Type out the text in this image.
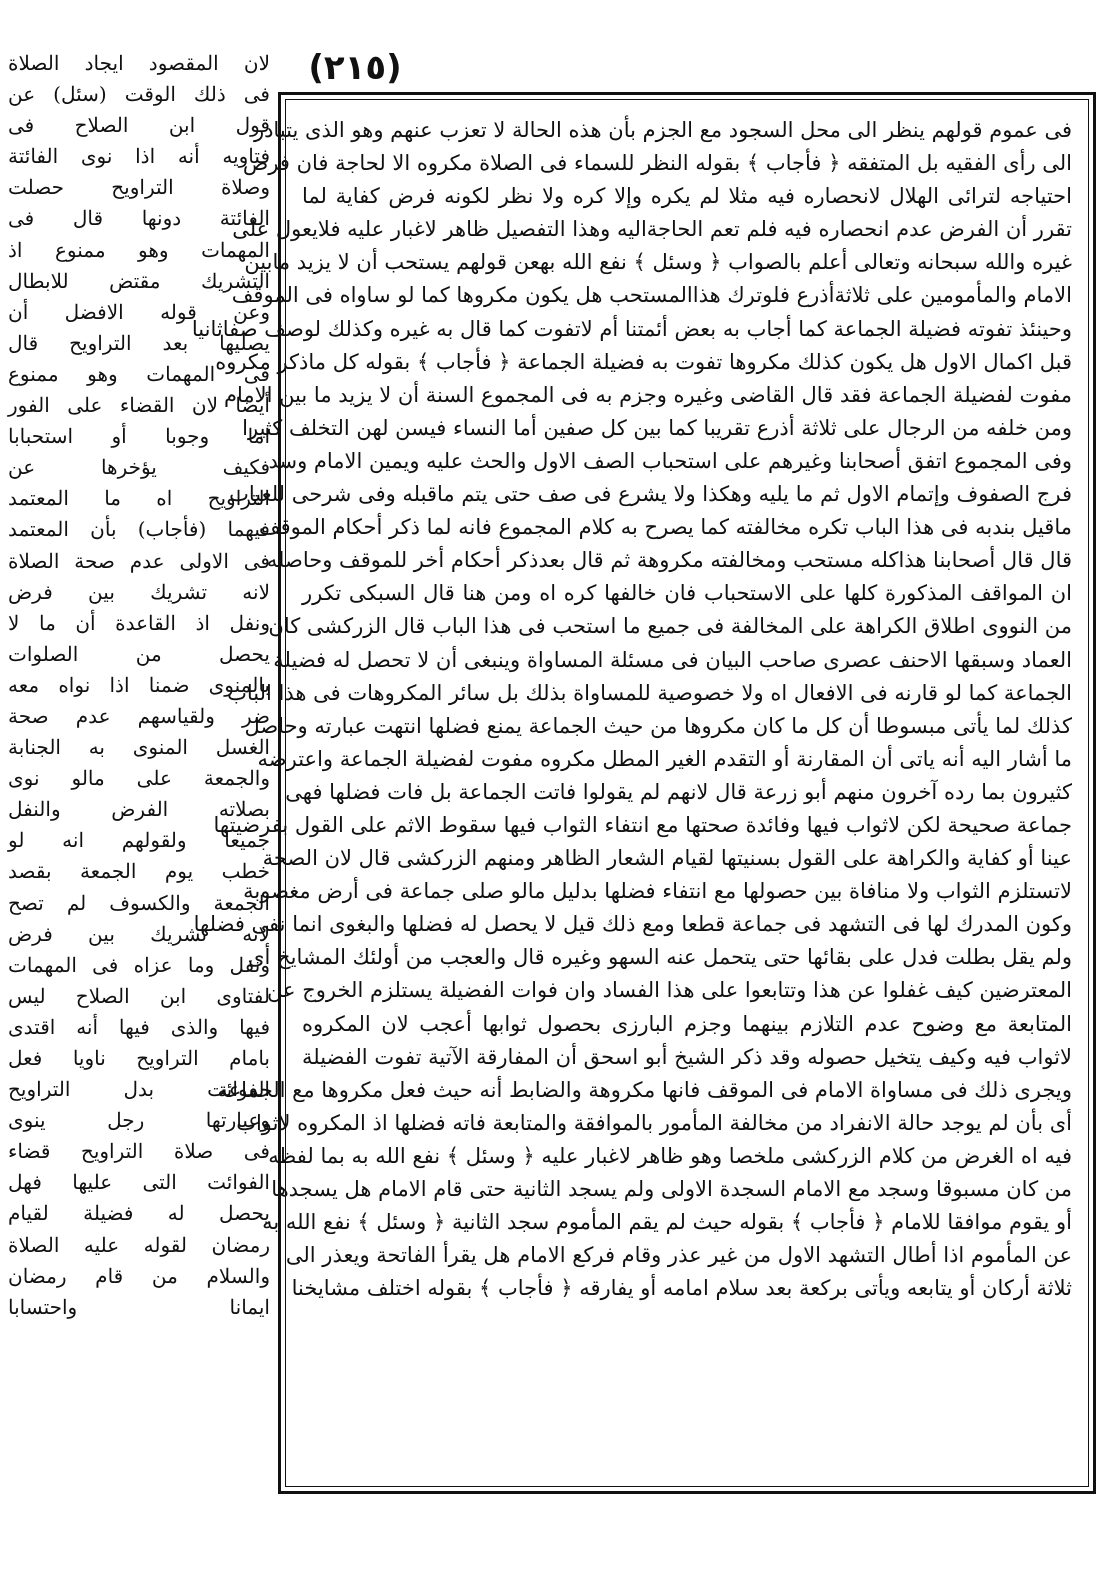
(٢١٥)
فى عموم قولهم ينظر الى محل السجود مع الجزم بأن هذه الحالة لا تعزب عنهم وهو الذى يتبادر
الى رأى الفقيه بل المتفقه ﴿ فأجاب ﴾ بقوله النظر للسماء فى الصلاة مكروه الا لحاجة فان فرض
احتياجه لترائى الهلال لانحصاره فيه مثلا لم يكره وإلا كره ولا نظر لكونه فرض كفاية لما
تقرر أن الفرض عدم انحصاره فيه فلم تعم الحاجةاليه وهذا التفصيل ظاهر لاغبار عليه فلايعول على
غيره والله سبحانه وتعالى أعلم بالصواب ﴿ وسئل ﴾ نفع الله بهعن قولهم يستحب أن لا يزيد مابين
الامام والمأمومين على ثلاثةأذرع فلوترك هذاالمستحب هل يكون مكروها كما لو ساواه فى الموقف
وحينئذ تفوته فضيلة الجماعة كما أجاب به بعض أئمتنا أم لاتفوت كما قال به غيره وكذلك لوصف صفاثانيا
قبل اكمال الاول هل يكون كذلك مكروها تفوت به فضيلة الجماعة ﴿ فأجاب ﴾ بقوله كل ماذكر مكروه
مفوت لفضيلة الجماعة فقد قال القاضى وغيره وجزم به فى المجموع السنة أن لا يزيد ما بين الامام
ومن خلفه من الرجال على ثلاثة أذرع تقريبا كما بين كل صفين أما النساء فيسن لهن التخلف كثيرا
وفى المجموع اتفق أصحابنا وغيرهم على استحباب الصف الاول والحث عليه ويمين الامام وسد
فرج الصفوف وإتمام الاول ثم ما يليه وهكذا ولا يشرع فى صف حتى يتم ماقبله وفى شرحى للعباب
ماقيل بندبه فى هذا الباب تكره مخالفته كما يصرح به كلام المجموع فانه لما ذكر أحكام الموقف
قال قال أصحابنا هذاكله مستحب ومخالفته مكروهة ثم قال بعدذكر أحكام أخر للموقف وحاصله
ان المواقف المذكورة كلها على الاستحباب فان خالفها كره اه ومن هنا قال السبكى تكرر
من النووى اطلاق الكراهة على المخالفة فى جميع ما استحب فى هذا الباب قال الزركشى كان
العماد وسبقها الاحنف عصرى صاحب البيان فى مسئلة المساواة وينبغى أن لا تحصل له فضيلة
الجماعة كما لو قارنه فى الافعال اه ولا خصوصية للمساواة بذلك بل سائر المكروهات فى هذا الباب
كذلك لما يأتى مبسوطا أن كل ما كان مكروها من حيث الجماعة يمنع فضلها انتهت عبارته وحاصل
ما أشار اليه أنه ياتى أن المقارنة أو التقدم الغير المطل مكروه مفوت لفضيلة الجماعة واعترضه
كثيرون بما رده آخرون منهم أبو زرعة قال لانهم لم يقولوا فاتت الجماعة بل فات فضلها فهى
جماعة صحيحة لكن لاثواب فيها وفائدة صحتها مع انتفاء الثواب فيها سقوط الاثم على القول بفرضيتها
عينا أو كفاية والكراهة على القول بسنيتها لقيام الشعار الظاهر ومنهم الزركشى قال لان الصحة
لاتستلزم الثواب ولا منافاة بين حصولها مع انتفاء فضلها بدليل مالو صلى جماعة فى أرض مغصوبة
وكون المدرك لها فى التشهد فى جماعة قطعا ومع ذلك قيل لا يحصل له فضلها والبغوى انما نفى فضلها
ولم يقل بطلت فدل على بقائها حتى يتحمل عنه السهو وغيره قال والعجب من أولئك المشايخ أى
المعترضين كيف غفلوا عن هذا وتتابعوا على هذا الفساد وان فوات الفضيلة يستلزم الخروج عن
المتابعة مع وضوح عدم التلازم بينهما وجزم البارزى بحصول ثوابها أعجب لان المكروه
لاثواب فيه وكيف يتخيل حصوله وقد ذكر الشيخ أبو اسحق أن المفارقة الآتية تفوت الفضيلة
ويجرى ذلك فى مساواة الامام فى الموقف فانها مكروهة والضابط أنه حيث فعل مكروها مع الجماعة
أى بأن لم يوجد حالة الانفراد من مخالفة المأمور بالموافقة والمتابعة فاته فضلها اذ المكروه لاثواب
فيه اه الغرض من كلام الزركشى ملخصا وهو ظاهر لاغبار عليه ﴿ وسئل ﴾ نفع الله به بما لفظه
من كان مسبوقا وسجد مع الامام السجدة الاولى ولم يسجد الثانية حتى قام الامام هل يسجدها
أو يقوم موافقا للامام ﴿ فأجاب ﴾ بقوله حيث لم يقم المأموم سجد الثانية ﴿ وسئل ﴾ نفع الله به
عن المأموم اذا أطال التشهد الاول من غير عذر وقام فركع الامام هل يقرأ الفاتحة ويعذر الى
ثلاثة أركان أو يتابعه ويأتى بركعة بعد سلام امامه أو يفارقه ﴿ فأجاب ﴾ بقوله اختلف مشايخنا
لان المقصود ايجاد الصلاة
فى ذلك الوقت (سئل) عن
قول ابن الصلاح فى
فتاويه أنه اذا نوى الفائتة
وصلاة التراويح حصلت
الفائتة دونها قال فى
المهمات وهو ممنوع اذ
التشريك مقتض للابطال
وعن قوله الافضل أن
يصليها بعد التراويح قال
فى المهمات وهو ممنوع
أيضا لان القضاء على الفور
اما وجوبا أو استحبابا
فكيف يؤخرها عن
التراويح اه ما المعتمد
فيهما (فأجاب) بأن المعتمد
فى الاولى عدم صحة الصلاة
لانه تشريك بين فرض
ونفل اذ القاعدة أن ما لا
يحصل من الصلوات
بالمنوى ضمنا اذا نواه معه
ضر ولقياسهم عدم صحة
الغسل المنوى به الجنابة
والجمعة على مالو نوى
بصلاته الفرض والنفل
جميعا ولقولهم انه لو
خطب يوم الجمعة بقصد
الجمعة والكسوف لم تصح
لانه تشريك بين فرض
ونفل وما عزاه فى المهمات
لفتاوى ابن الصلاح ليس
فيها والذى فيها أنه اقتدى
بامام التراويح ناويا فعل
الفوائت بدل التراويح
وعبارتها رجل ينوى
فى صلاة التراويح قضاء
الفوائت التى عليها فهل
يحصل له فضيلة لقيام
رمضان لقوله عليه الصلاة
والسلام من قام رمضان
ايمانا واحتسابا
